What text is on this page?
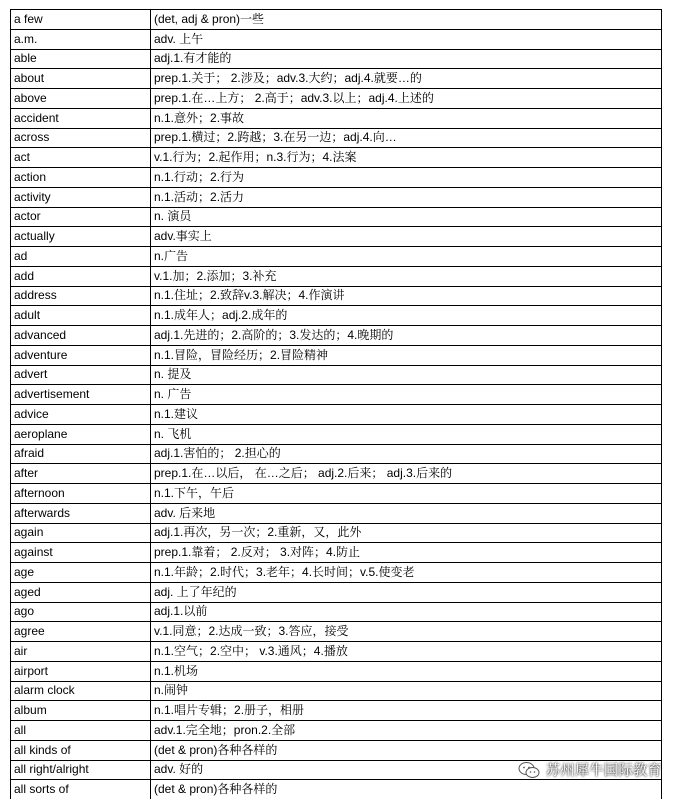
a few	(det, adj & pron)一些
a.m.	adv. 上午
able	adj.1.有才能的
about	prep.1.关于； 2.涉及；adv.3.大约；adj.4.就要…的
above	prep.1.在…上方； 2.高于；adv.3.以上；adj.4.上述的
accident	n.1.意外；2.事故
across	prep.1.横过；2.跨越；3.在另一边；adj.4.向…
act	v.1.行为；2.起作用；n.3.行为；4.法案
action	n.1.行动；2.行为
activity	n.1.活动；2.活力
actor	n. 演员
actually	adv.事实上
ad	n.广告
add	v.1.加；2.添加；3.补充
address	n.1.住址；2.致辞v.3.解决；4.作演讲
adult	n.1.成年人；adj.2.成年的
advanced	adj.1.先进的；2.高阶的；3.发达的；4.晚期的
adventure	n.1.冒险，冒险经历；2.冒险精神
advert	n. 提及
advertisement	n. 广告
advice	n.1.建议
aeroplane	n. 飞机
afraid	adj.1.害怕的； 2.担心的
after	prep.1.在…以后， 在…之后； adj.2.后来； adj.3.后来的
afternoon	n.1.下午，午后
afterwards	adv. 后来地
again	adj.1.再次，另一次；2.重新，又，此外
against	prep.1.靠着； 2.反对； 3.对阵；4.防止
age	n.1.年龄；2.时代；3.老年；4.长时间；v.5.使变老
aged	adj. 上了年纪的
ago	adj.1.以前
agree	v.1.同意；2.达成一致；3.答应，接受
air	n.1.空气；2.空中； v.3.通风；4.播放
airport	n.1.机场
alarm clock	n.闹钟
album	n.1.唱片专辑；2.册子，相册
all	adv.1.完全地；pron.2.全部
all kinds of	(det & pron)各种各样的
all right/alright	adv. 好的
all sorts of	(det & pron)各种各样的
苏州犀牛国际教育
